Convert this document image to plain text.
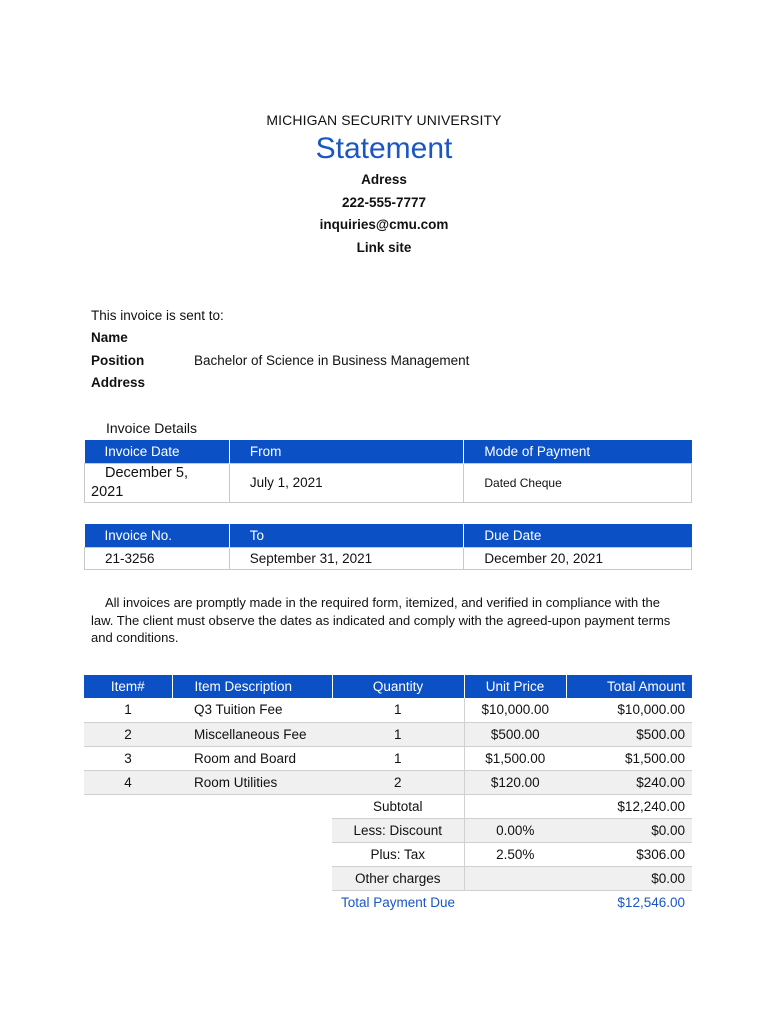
MICHIGAN SECURITY UNIVERSITY
Statement
Adress
222-555-7777
inquiries@cmu.com
Link site
This invoice is sent to:
Name
Position	Bachelor of Science in Business Management
Address
Invoice Details
Invoice Date	From	Mode of Payment

December 5,
2021	July 1, 2021	Dated Cheque
Invoice No.	To	Due Date
21-3256	September 31, 2021	December 20, 2021

All invoices are promptly made in the required form, itemized, and verified in compliance with the law. The client must observe the dates as indicated and comply with the agreed-upon payment terms and conditions.

Item#	Item Description	Quantity	Unit Price	Total Amount
1	Q3 Tuition Fee	1	$10,000.00	$10,000.00
2	Miscellaneous Fee	1	$500.00	$500.00
3	Room and Board	1	$1,500.00	$1,500.00
4	Room Utilities	2	$120.00	$240.00
		Subtotal		$12,240.00
		Less: Discount	0.00%	$0.00
		Plus: Tax	2.50%	$306.00
		Other charges		$0.00
		Total Payment Due		$12,546.00
